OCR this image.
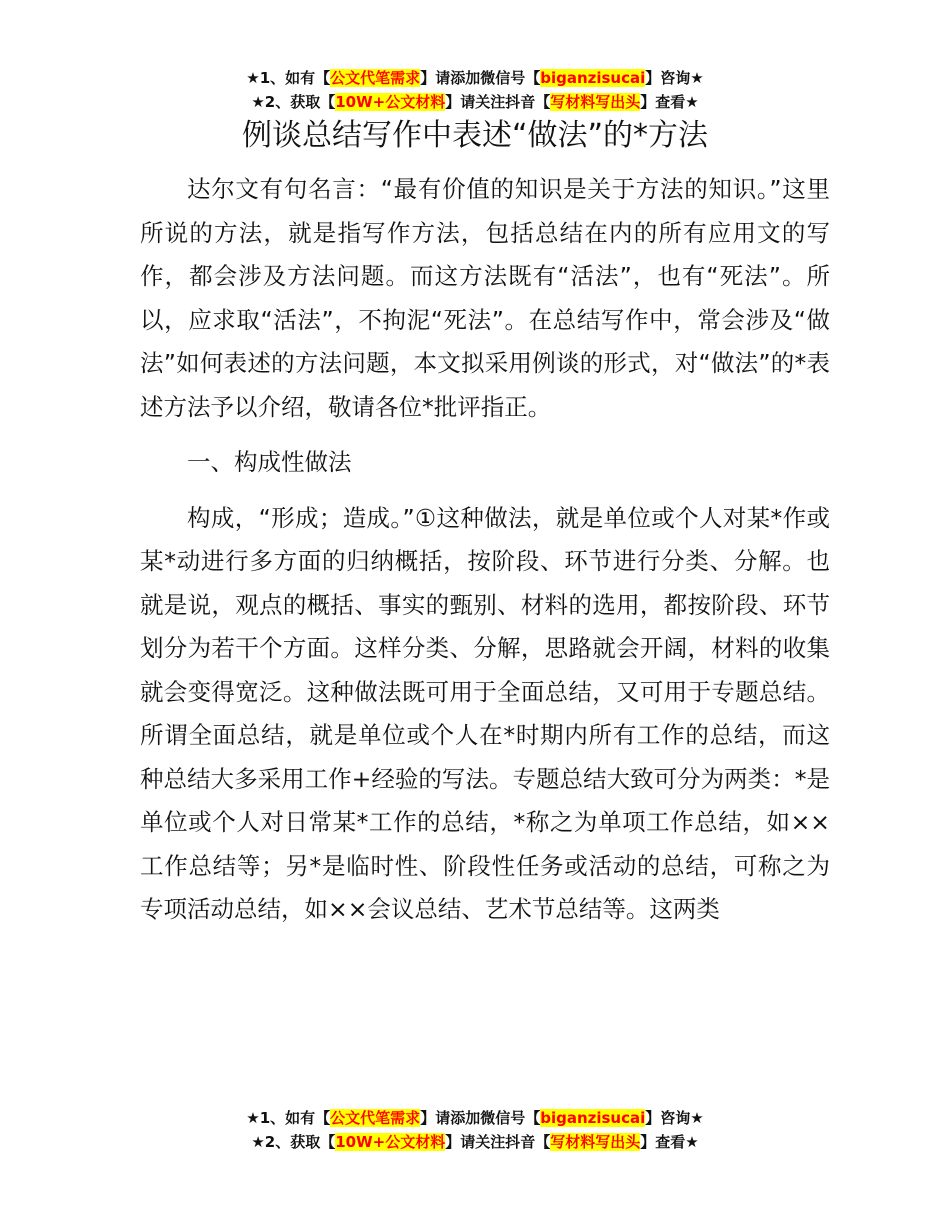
★1、如有【公文代笔需求】请添加微信号【biganzisucai】咨询★
★2、获取【10W+公文材料】请关注抖音【写材料写出头】查看★
例谈总结写作中表述“做法”的*方法

达尔文有句名言：“最有价值的知识是关于方法的知识。”这里所说的方法，就是指写作方法，包括总结在内的所有应用文的写作，都会涉及方法问题。而这方法既有“活法”，也有“死法”。所以，应求取“活法”，不拘泥“死法”。在总结写作中，常会涉及“做法”如何表述的方法问题，本文拟采用例谈的形式，对“做法”的*表述方法予以介绍，敬请各位*批评指正。

一、构成性做法

构成，“形成；造成。”①这种做法，就是单位或个人对某*作或某*动进行多方面的归纳概括，按阶段、环节进行分类、分解。也就是说，观点的概括、事实的甄别、材料的选用，都按阶段、环节划分为若干个方面。这样分类、分解，思路就会开阔，材料的收集就会变得宽泛。这种做法既可用于全面总结，又可用于专题总结。所谓全面总结，就是单位或个人在*时期内所有工作的总结，而这种总结大多采用工作+经验的写法。专题总结大致可分为两类：*是单位或个人对日常某*工作的总结，*称之为单项工作总结，如××工作总结等；另*是临时性、阶段性任务或活动的总结，可称之为专项活动总结，如××会议总结、艺术节总结等。这两类

★1、如有【公文代笔需求】请添加微信号【biganzisucai】咨询★
★2、获取【10W+公文材料】请关注抖音【写材料写出头】查看★
